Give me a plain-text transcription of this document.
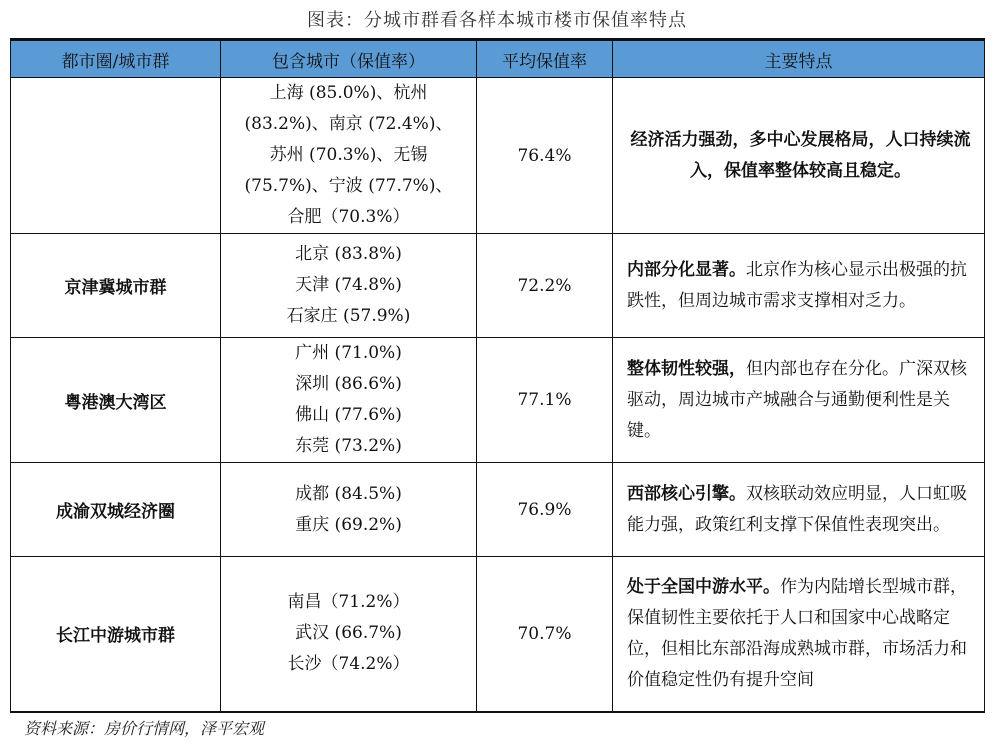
图表：分城市群看各样本城市楼市保值率特点
都市圈/城市群	包含城市（保值率）	平均保值率	主要特点

	上海 (85.0%)、杭州
(83.2%)、南京 (72.4%)、
苏州 (70.3%)、无锡
(75.7%)、宁波 (77.7%)、
合肥（70.3%）	76.4%	经济活力强劲，多中心发展格局，人口持续流入，保值率整体较高且稳定。
京津冀城市群	北京 (83.8%)
天津 (74.8%)
石家庄 (57.9%)	72.2%	内部分化显著。北京作为核心显示出极强的抗跌性，但周边城市需求支撑相对乏力。
粤港澳大湾区	广州 (71.0%)
深圳 (86.6%)
佛山 (77.6%)
东莞 (73.2%)	77.1%	整体韧性较强，但内部也存在分化。广深双核驱动，周边城市产城融合与通勤便利性是关键。
成渝双城经济圈	成都 (84.5%)
重庆 (69.2%)	76.9%	西部核心引擎。双核联动效应明显，人口虹吸能力强，政策红利支撑下保值性表现突出。
长江中游城市群	南昌（71.2%）
武汉 (66.7%)
长沙（74.2%）	70.7%	处于全国中游水平。作为内陆增长型城市群，保值韧性主要依托于人口和国家中心战略定位，但相比东部沿海成熟城市群，市场活力和价值稳定性仍有提升空间
资料来源：房价行情网，泽平宏观
